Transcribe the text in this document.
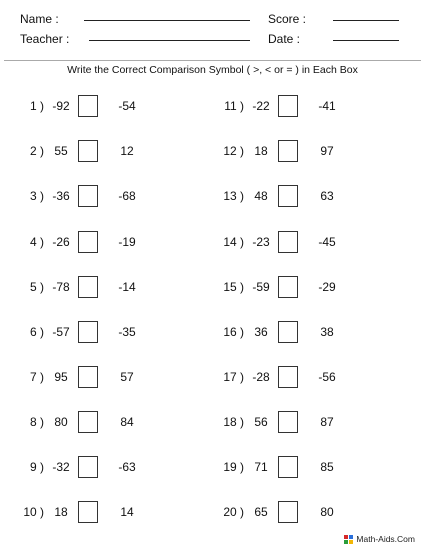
Name :
Teacher :
Score :
Date :
Write the Correct Comparison Symbol ( >, < or = ) in Each Box
1 ) -92	-54
2 ) 55	12
3 ) -36	-68
4 ) -26	-19
5 ) -78	-14
6 ) -57	-35
7 ) 95	57
8 ) 80	84
9 ) -32	-63
10 ) 18	14
11 ) -22	-41
12 ) 18	97
13 ) 48	63
14 ) -23	-45
15 ) -59	-29
16 ) 36	38
17 ) -28	-56
18 ) 56	87
19 ) 71	85
20 ) 65	80
Math-Aids.Com
